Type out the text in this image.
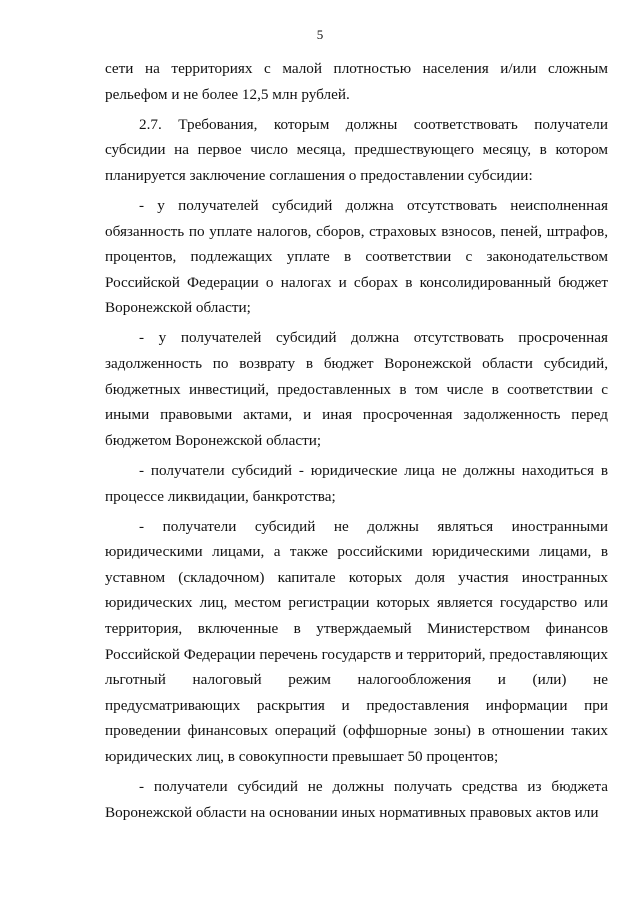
5

сети на территориях с малой плотностью населения и/или сложным рельефом и не более 12,5 млн рублей.

2.7. Требования, которым должны соответствовать получатели субсидии на первое число месяца, предшествующего месяцу, в котором планируется заключение соглашения о предоставлении субсидии:

- у получателей субсидий должна отсутствовать неисполненная обязанность по уплате налогов, сборов, страховых взносов, пеней, штрафов, процентов, подлежащих уплате в соответствии с законодательством Российской Федерации о налогах и сборах в консолидированный бюджет Воронежской области;

- у получателей субсидий должна отсутствовать просроченная задолженность по возврату в бюджет Воронежской области субсидий, бюджетных инвестиций, предоставленных в том числе в соответствии с иными правовыми актами, и иная просроченная задолженность перед бюджетом Воронежской области;

- получатели субсидий - юридические лица не должны находиться в процессе ликвидации, банкротства;

- получатели субсидий не должны являться иностранными юридическими лицами, а также российскими юридическими лицами, в уставном (складочном) капитале которых доля участия иностранных юридических лиц, местом регистрации которых является государство или территория, включенные в утверждаемый Министерством финансов Российской Федерации перечень государств и территорий, предоставляющих льготный налоговый режим налогообложения и (или) не предусматривающих раскрытия и предоставления информации при проведении финансовых операций (оффшорные зоны) в отношении таких юридических лиц, в совокупности превышает 50 процентов;

- получатели субсидий не должны получать средства из бюджета Воронежской области на основании иных нормативных правовых актов или
